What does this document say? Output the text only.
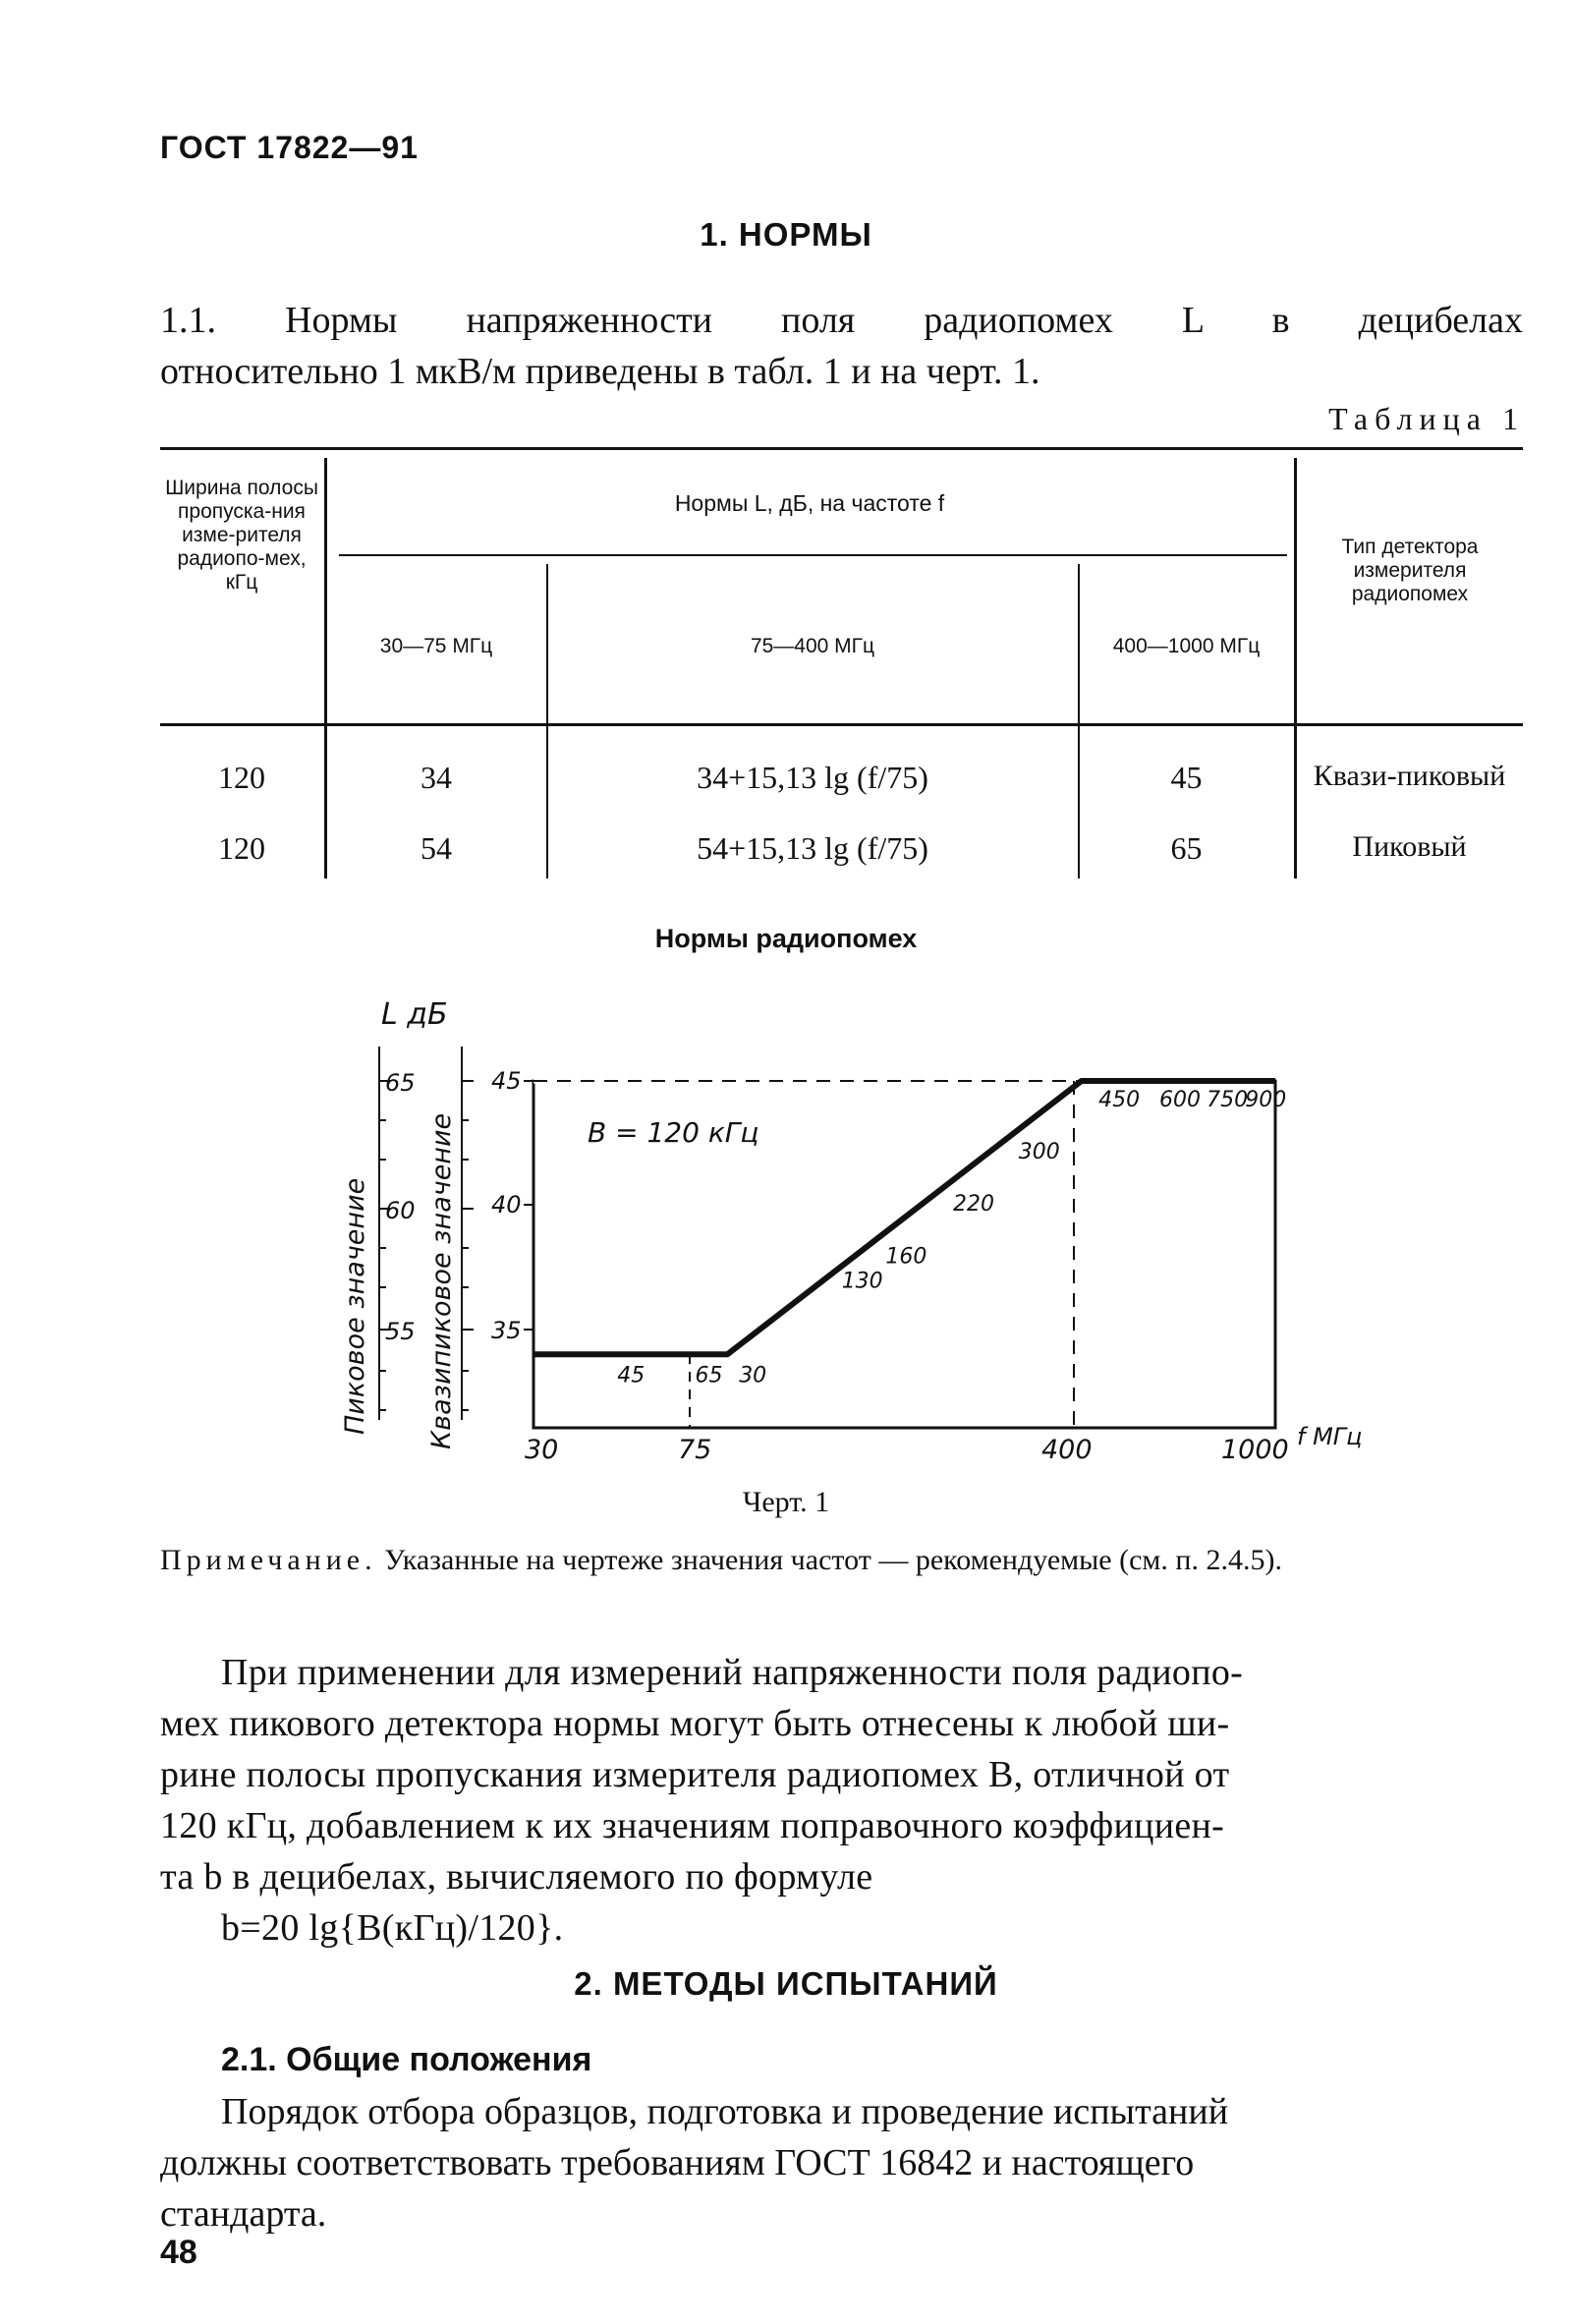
ГОСТ 17822—91
1. НОРМЫ
1.1. Нормы напряженности поля радиопомех L в децибелах
относительно 1 мкВ/м приведены в табл. 1 и на черт. 1.
Таблица 1
Ширина полосы пропуска-ния изме-рителя радиопо-мех, кГц
Нормы L, дБ, на частоте f
30—75 МГц	75—400 МГц	400—1000 МГц
Тип детектора измерителя радиопомех
120	34	34+15,13 lg (f/75)	45	Квази-пиковый
120	54	54+15,13 lg (f/75)	65	Пиковый
Нормы радиопомех
L дБ
f МГц
65
60
55
Пиковое значение Квазипиковое значение
45
40
35
30	75	400	1000
B = 120 кГц
45 65 30
130
160
220
300
450 600 750
900
Черт. 1
Примечание. Указанные на чертеже значения частот — рекомендуемые (см. п. 2.4.5).
При применении для измерений напряженности поля радиопо-
мех пикового детектора нормы могут быть отнесены к любой ши-
рине полосы пропускания измерителя радиопомех B, отличной от
120 кГц, добавлением к их значениям поправочного коэффициен-
та b в децибелах, вычисляемого по формуле
b=20 lg{B(кГц)/120}.
2. МЕТОДЫ ИСПЫТАНИЙ
2.1. Общие положения
Порядок отбора образцов, подготовка и проведение испытаний
должны соответствовать требованиям ГОСТ 16842 и настоящего
стандарта.
48
